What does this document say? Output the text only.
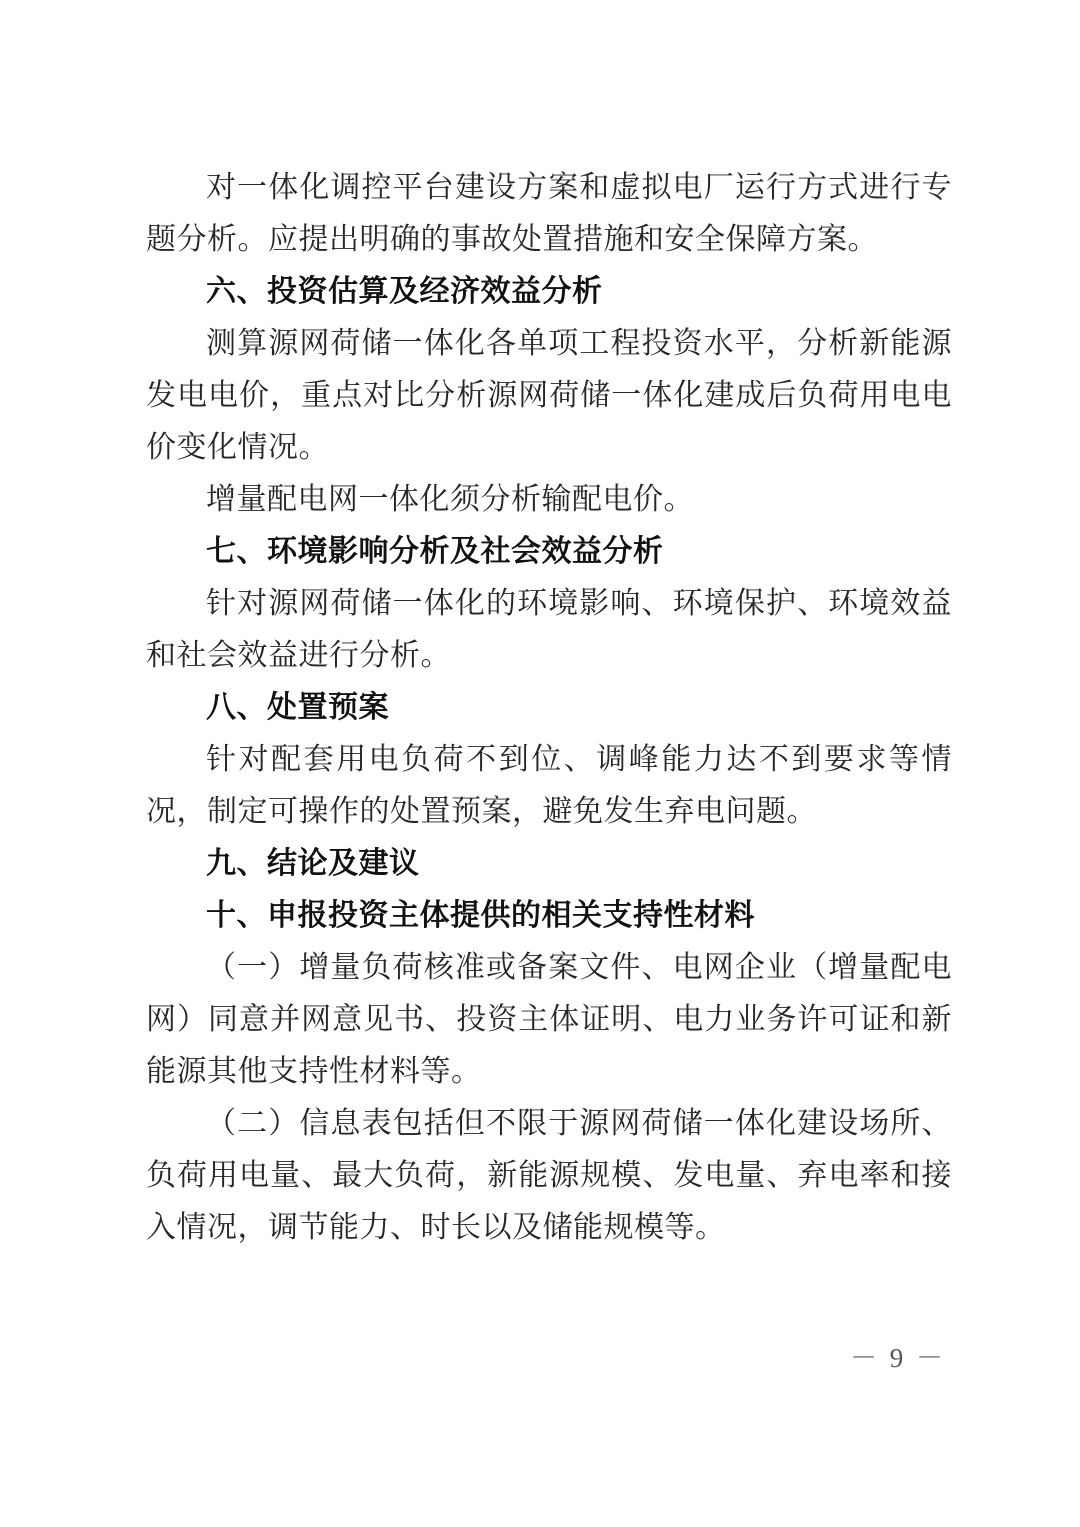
对一体化调控平台建设方案和虚拟电厂运行方式进行专题分析。应提出明确的事故处置措施和安全保障方案。

六、投资估算及经济效益分析

测算源网荷储一体化各单项工程投资水平，分析新能源发电电价，重点对比分析源网荷储一体化建成后负荷用电电价变化情况。

增量配电网一体化须分析输配电价。

七、环境影响分析及社会效益分析

针对源网荷储一体化的环境影响、环境保护、环境效益和社会效益进行分析。

八、处置预案

针对配套用电负荷不到位、调峰能力达不到要求等情况，制定可操作的处置预案，避免发生弃电问题。

九、结论及建议

十、申报投资主体提供的相关支持性材料

（一）增量负荷核准或备案文件、电网企业（增量配电网）同意并网意见书、投资主体证明、电力业务许可证和新能源其他支持性材料等。

（二）信息表包括但不限于源网荷储一体化建设场所、负荷用电量、最大负荷，新能源规模、发电量、弃电率和接入情况，调节能力、时长以及储能规模等。

－ 9 －
